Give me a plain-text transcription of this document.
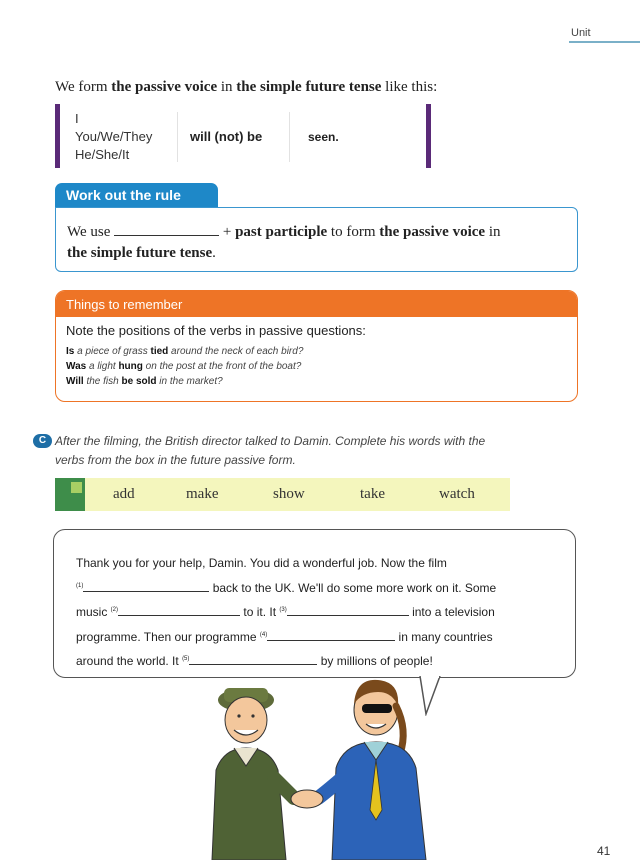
Unit
We form the passive voice in the simple future tense like this:
I
You/We/They
He/She/It
will (not) be	seen.
Work out the rule
We use	+ past participle to form the passive voice in
the simple future tense.
Things to remember
Note the positions of the verbs in passive questions:
Is a piece of grass tied around the neck of each bird?
Was a light hung on the post at the front of the boat?
Will the fish be sold in the market?
C After the filming, the British director talked to Damin. Complete his words with the
verbs from the box in the future passive form.
add	make	show	take	watch
Thank you for your help, Damin. You did a wonderful job. Now the film
$^{(1)}$	back to the UK. We'll do some more work on it. Some
music $^{(2)}$	to it. It $^{(3)}$	into a television
programme. Then our programme $^{(4)}$	in many countries
around the world. It $^{(5)}$	by millions of people!
41
